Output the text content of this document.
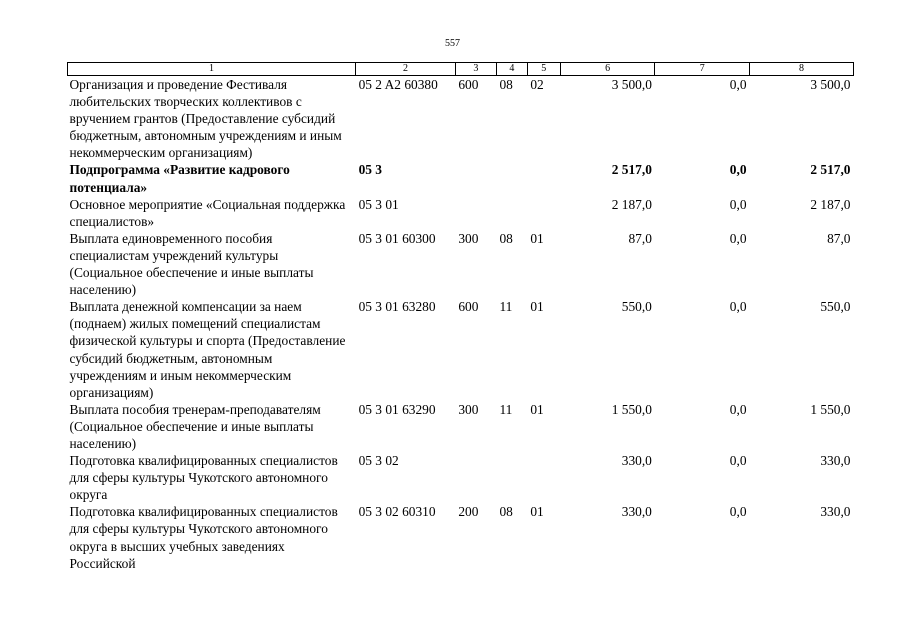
557
1	2	3	4	5	6	7	8
Организация и проведение Фестиваля любительских творческих коллективов с вручением грантов (Предоставление субсидий бюджетным, автономным учреждениям и иным некоммерческим организациям)	05 2 A2 60380	600	08	02	3 500,0	0,0	3 500,0
Подпрограмма «Развитие кадрового потенциала»	05 3				2 517,0	0,0	2 517,0
Основное мероприятие «Социальная поддержка специалистов»	05 3 01				2 187,0	0,0	2 187,0
Выплата единовременного пособия специалистам учреждений культуры (Социальное обеспечение и иные выплаты населению)	05 3 01 60300	300	08	01	87,0	0,0	87,0
Выплата денежной компенсации за наем (поднаем) жилых помещений специалистам физической культуры и спорта (Предоставление субсидий бюджетным, автономным учреждениям и иным некоммерческим организациям)	05 3 01 63280	600	11	01	550,0	0,0	550,0
Выплата пособия тренерам-преподавателям (Социальное обеспечение и иные выплаты населению)	05 3 01 63290	300	11	01	1 550,0	0,0	1 550,0
Подготовка квалифицированных специалистов для сферы культуры Чукотского автономного округа	05 3 02				330,0	0,0	330,0
Подготовка квалифицированных специалистов для сферы культуры Чукотского автономного округа в высших учебных заведениях Российской	05 3 02 60310	200	08	01	330,0	0,0	330,0
